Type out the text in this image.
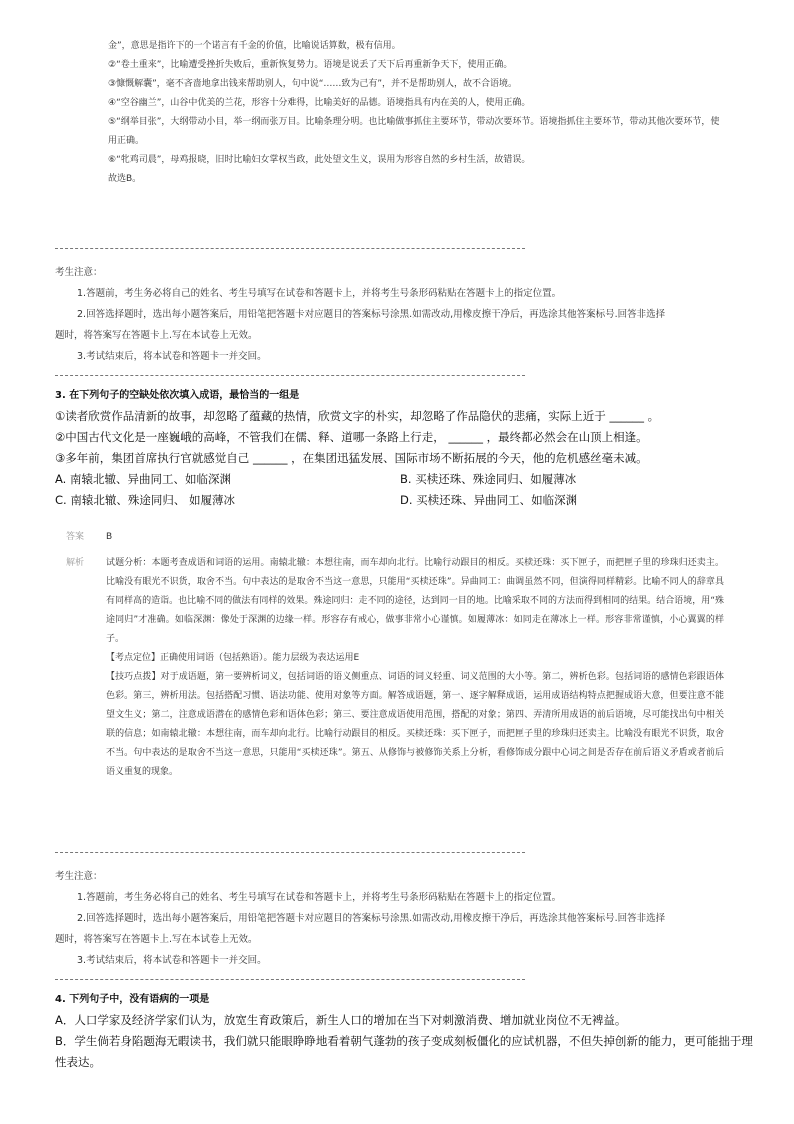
金”，意思是指许下的一个诺言有千金的价值，比喻说话算数，极有信用。
②“卷土重来”，比喻遭受挫折失败后，重新恢复势力。语境是说丢了天下后再重新争天下，使用正确。
③慷慨解囊”，毫不吝啬地拿出钱来帮助别人，句中说“……致为己有”，并不是帮助别人，故不合语境。
④“空谷幽兰”，山谷中优美的兰花，形容十分难得，比喻美好的品德。语境指具有内在美的人，使用正确。
⑤“纲举目张”，大纲带动小目，举一纲而张万目。比喻条理分明。也比喻做事抓住主要环节，带动次要环节。语境指抓住主要环节，带动其他次要环节，使用正确。
⑥“牝鸡司晨”，母鸡报晓，旧时比喻妇女掌权当政，此处望文生义，误用为形容自然的乡村生活，故错误。
故选B。
考生注意：
1.答题前，考生务必将自己的姓名、考生号填写在试卷和答题卡上，并将考生号条形码粘贴在答题卡上的指定位置。
2.回答选择题时，选出每小题答案后，用铅笔把答题卡对应题目的答案标号涂黑.如需改动,用橡皮擦干净后，再选涂其他答案标号.回答非选择
题时，将答案写在答题卡上.写在本试卷上无效。
3.考试结束后，将本试卷和答题卡一并交回。
3. 在下列句子的空缺处依次填入成语，最恰当的一组是
①读者欣赏作品清新的故事，却忽略了蕴藏的热情，欣赏文字的朴实，却忽略了作品隐伏的悲痛，实际上近于 ______ 。
②中国古代文化是一座巍峨的高峰，不管我们在儒、释、道哪一条路上行走， ______ ，最终都必然会在山顶上相逢。
③多年前，集团首席执行官就感觉自己 ______ ，在集团迅猛发展、国际市场不断拓展的今天，他的危机感丝毫未减。
A. 南辕北辙、异曲同工、如临深渊	B. 买椟还珠、殊途同归、如履薄冰
C. 南辕北辙、殊途同归、 如履薄冰	D. 买椟还珠、异曲同工、如临深渊
答案	B
解析	试题分析：本题考查成语和词语的运用。南辕北辙：本想往南，而车却向北行。比喻行动跟目的相反。买椟还珠：买下匣子，而把匣子里的珍珠归还卖主。比喻没有眼光不识货，取舍不当。句中表达的是取舍不当这一意思，只能用“买椟还珠”。异曲同工：曲调虽然不同，但演得同样精彩。比喻不同人的辞章具有同样高的造诣。也比喻不同的做法有同样的效果。殊途同归：走不同的途径，达到同一目的地。比喻采取不同的方法而得到相同的结果。结合语境，用“殊途同归”才准确。如临深渊：像处于深渊的边缘一样。形容存有戒心，做事非常小心谨慎。如履薄冰：如同走在薄冰上一样。形容非常谨慎，小心翼翼的样子。
【考点定位】正确使用词语（包括熟语）。能力层级为表达运用E
【技巧点拨】对于成语题，第一要辨析词义，包括词语的语义侧重点、词语的词义轻重、词义范围的大小等。第二，辨析色彩。包括词语的感情色彩跟语体色彩。第三，辨析用法。包括搭配习惯、语法功能、使用对象等方面。解答成语题，第一、逐字解释成语，运用成语结构特点把握成语大意，但要注意不能望文生义；第二，注意成语潜在的感情色彩和语体色彩；第三、要注意成语使用范围，搭配的对象；第四、弄清所用成语的前后语境，尽可能找出句中相关联的信息；如南辕北辙：本想往南，而车却向北行。比喻行动跟目的相反。买椟还珠：买下匣子，而把匣子里的珍珠归还卖主。比喻没有眼光不识货，取舍不当。句中表达的是取舍不当这一意思，只能用“买椟还珠”。第五、从修饰与被修饰关系上分析，看修饰成分跟中心词之间是否存在前后语义矛盾或者前后语义重复的现象。
考生注意：
1.答题前，考生务必将自己的姓名、考生号填写在试卷和答题卡上，并将考生号条形码粘贴在答题卡上的指定位置。
2.回答选择题时，选出每小题答案后，用铅笔把答题卡对应题目的答案标号涂黑.如需改动,用橡皮擦干净后，再选涂其他答案标号.回答非选择
题时，将答案写在答题卡上.写在本试卷上无效。
3.考试结束后，将本试卷和答题卡一并交回。
4. 下列句子中，没有语病的一项是
A．人口学家及经济学家们认为，放宽生育政策后，新生人口的增加在当下对刺激消费、增加就业岗位不无裨益。
B．学生倘若身陷题海无暇读书，我们就只能眼睁睁地看着朝气蓬勃的孩子变成刻板僵化的应试机器，不但失掉创新的能力，更可能拙于理性表达。
